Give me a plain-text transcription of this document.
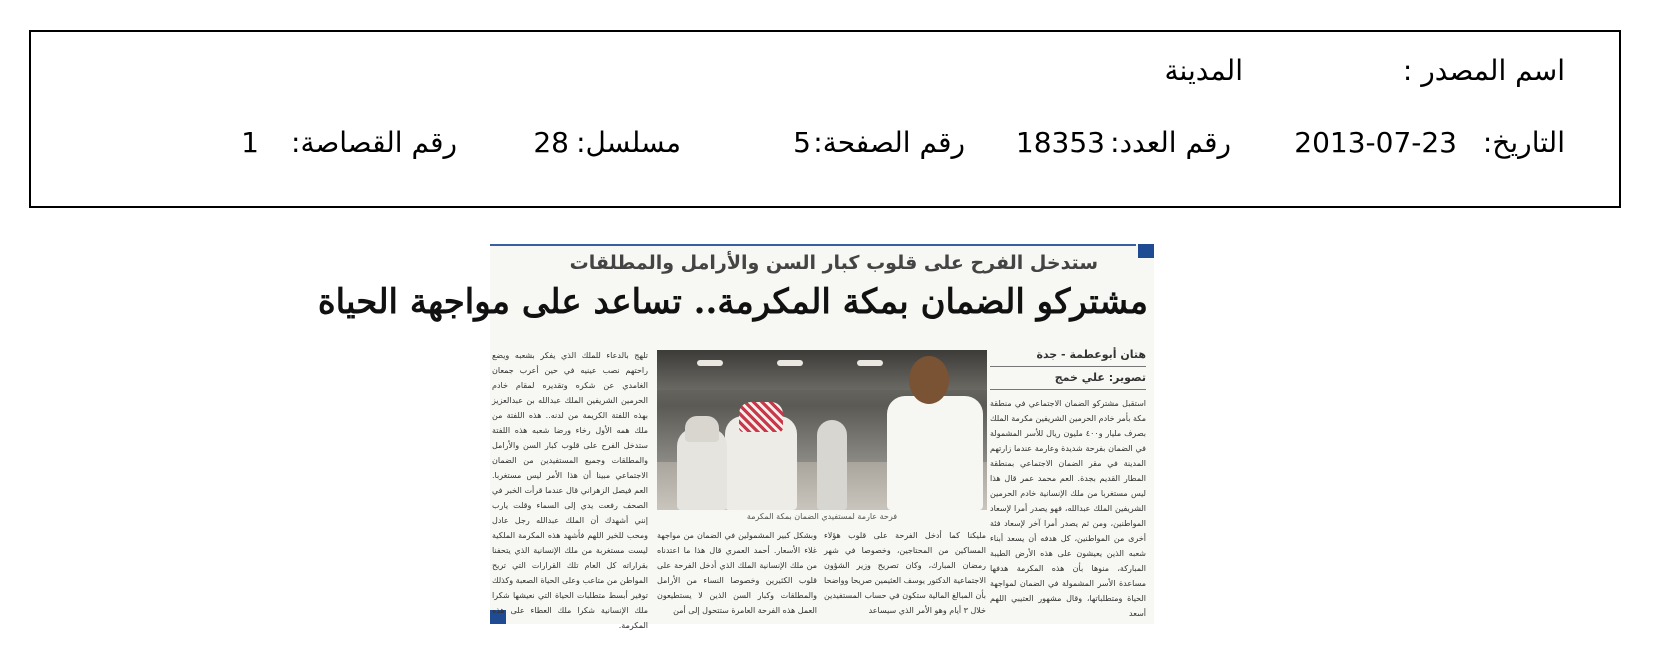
اسم المصدر :
المدينة
التاريخ:
2013-07-23
رقم العدد:
18353
رقم الصفحة:
5
مسلسل:
28
رقم القصاصة:
1
ستدخل الفرح على قلوب كبار السن والأرامل والمطلقات
مشتركو الضمان بمكة المكرمة.. تساعد على مواجهة الحياة
هتان أبوعطمة - جدة
تصوير: علي خمج
استقبل مشتركو الضمان الاجتماعي في منطقة مكة بأمر خادم الحرمين الشريفين مكرمة الملك بصرف مليار و٤٠٠ مليون ريال للأسر المشمولة في الضمان بفرحة شديدة وعارمة عندما زارتهم المدينة في مقر الضمان الاجتماعي بمنطقة المطار القديم بجدة. العم محمد عمر قال هذا ليس مستغربا من ملك الإنسانية خادم الحرمين الشريفين الملك عبدالله، فهو يصدر أمرا لإسعاد المواطنين، ومن ثم يصدر أمرا آخر لإسعاد فئة أخرى من المواطنين، كل هدفه أن يسعد أبناء شعبه الذين يعيشون على هذه الأرض الطيبة المباركة، منوها بأن هذه المكرمة هدفها مساعدة الأسر المشمولة في الضمان لمواجهة الحياة ومتطلباتها، وقال مشهور العتيبي اللهم أسعد
مليكنا كما أدخل الفرحة على قلوب هؤلاء المساكين من المحتاجين، وخصوصا في شهر رمضان المبارك، وكان تصريح وزير الشؤون الاجتماعية الدكتور يوسف العثيمين صريحا وواضحا بأن المبالغ المالية ستكون في حساب المستفيدين خلال ٣ أيام وهو الأمر الذي سيساعد
وبشكل كبير المشمولين في الضمان من مواجهة غلاء الأسعار. أحمد العمري قال هذا ما اعتدناه من ملك الإنسانية الملك الذي أدخل الفرحة على قلوب الكثيرين وخصوصا النساء من الأرامل والمطلقات وكبار السن الذين لا يستطيعون العمل هذه الفرحة العامرة ستتحول إلى أمن
تلهج بالدعاء للملك الذي يفكر بشعبه ويضع راحتهم نصب عينيه في حين أعرب جمعان الغامدي عن شكره وتقديره لمقام خادم الحرمين الشريفين الملك عبدالله بن عبدالعزيز بهذه اللفتة الكريمة من لدنه.. هذه اللفتة من ملك همه الأول رخاء ورضا شعبه هذه اللفتة ستدخل الفرح على قلوب كبار السن والأرامل والمطلقات وجميع المستفيدين من الضمان الاجتماعي مبينا أن هذا الأمر ليس مستغربا. العم فيصل الزهراني قال عندما قرأت الخبر في الصحف رفعت يدي إلى السماء وقلت يارب إنني أشهدك أن الملك عبدالله رجل عادل ومحب للخير اللهم فأشهد هذه المكرمة الملكية ليست مستغربة من ملك الإنسانية الذي يتحفنا بقراراته كل العام تلك القرارات التي تريح المواطن من متاعب وعلى الحياة الصعبة وكذلك توفير أبسط متطلبات الحياة التي نعيشها شكرا ملك الإنسانية شكرا ملك العطاء على هذه المكرمة.
فرحة عارمة لمستفيدي الضمان بمكة المكرمة
